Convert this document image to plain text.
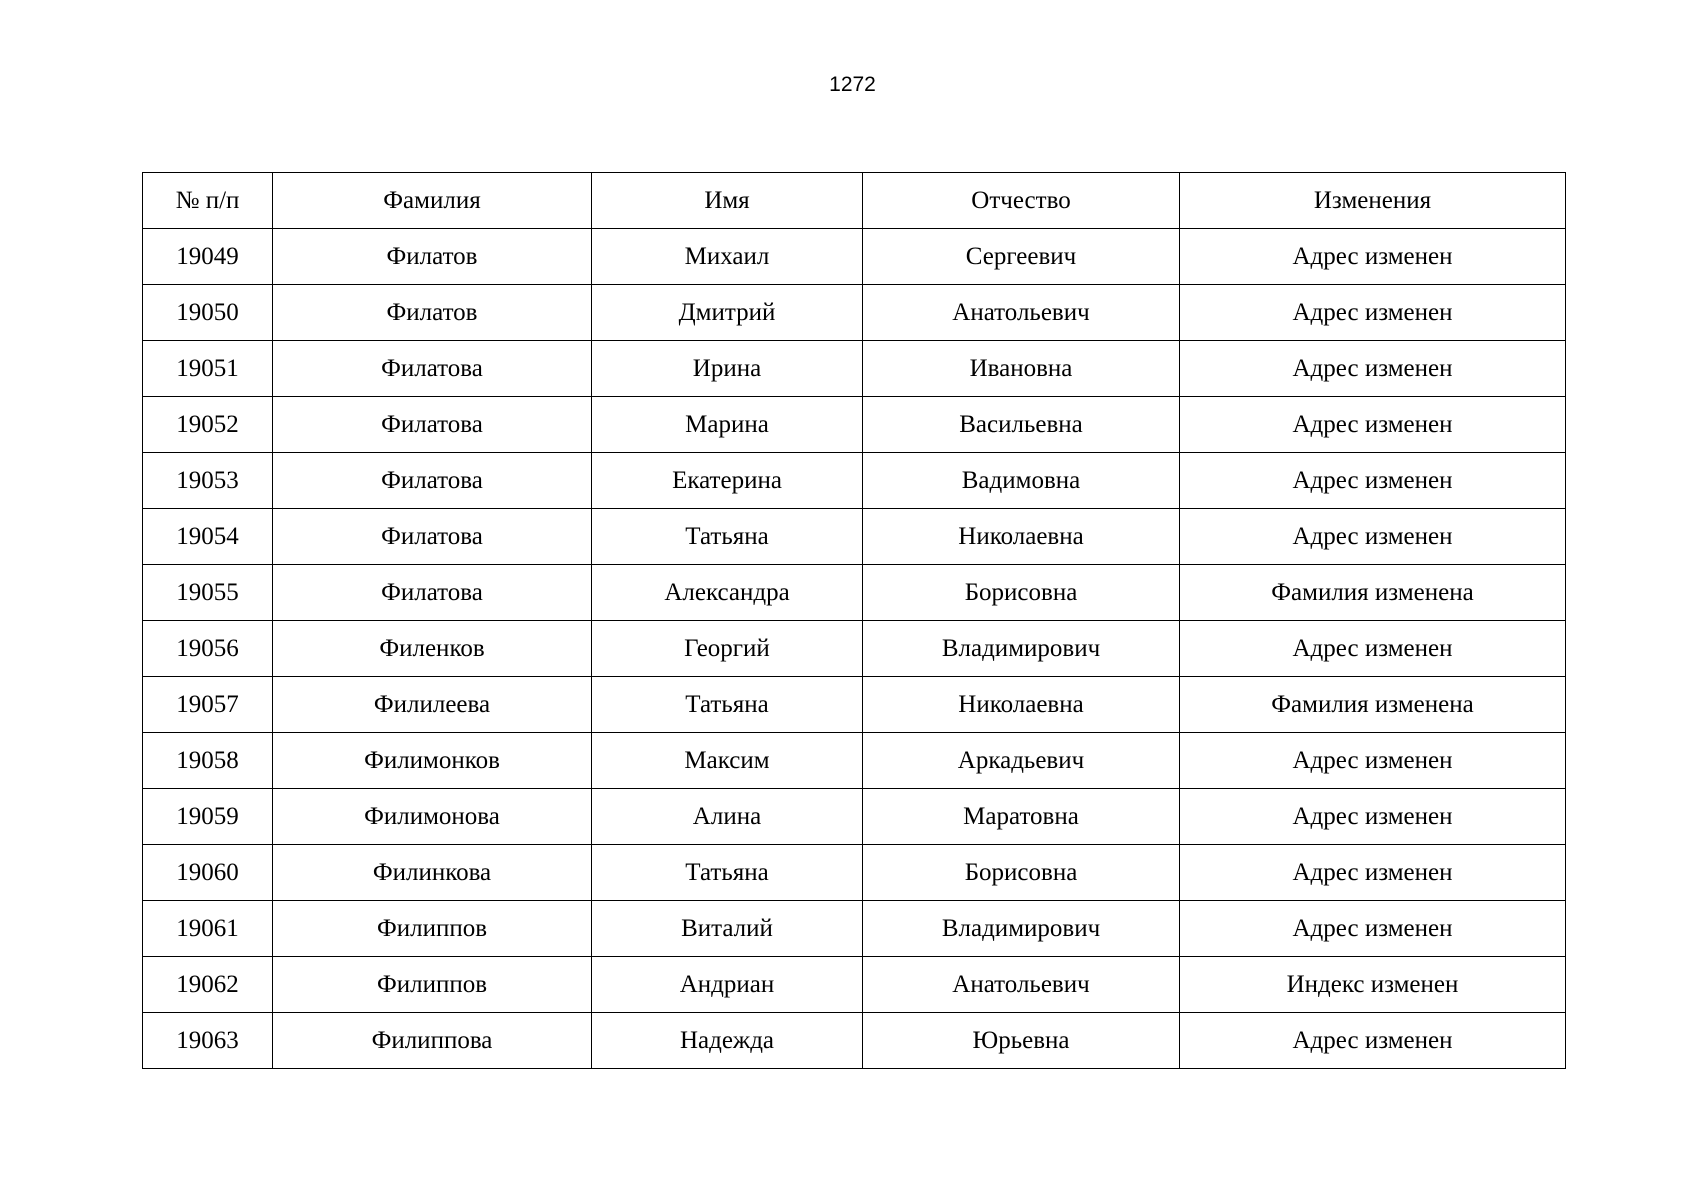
1272
№ п/п	Фамилия	Имя	Отчество	Изменения
19049	Филатов	Михаил	Сергеевич	Адрес изменен
19050	Филатов	Дмитрий	Анатольевич	Адрес изменен
19051	Филатова	Ирина	Ивановна	Адрес изменен
19052	Филатова	Марина	Васильевна	Адрес изменен
19053	Филатова	Екатерина	Вадимовна	Адрес изменен
19054	Филатова	Татьяна	Николаевна	Адрес изменен
19055	Филатова	Александра	Борисовна	Фамилия изменена
19056	Филенков	Георгий	Владимирович	Адрес изменен
19057	Филилеева	Татьяна	Николаевна	Фамилия изменена
19058	Филимонков	Максим	Аркадьевич	Адрес изменен
19059	Филимонова	Алина	Маратовна	Адрес изменен
19060	Филинкова	Татьяна	Борисовна	Адрес изменен
19061	Филиппов	Виталий	Владимирович	Адрес изменен
19062	Филиппов	Андриан	Анатольевич	Индекс изменен
19063	Филиппова	Надежда	Юрьевна	Адрес изменен
